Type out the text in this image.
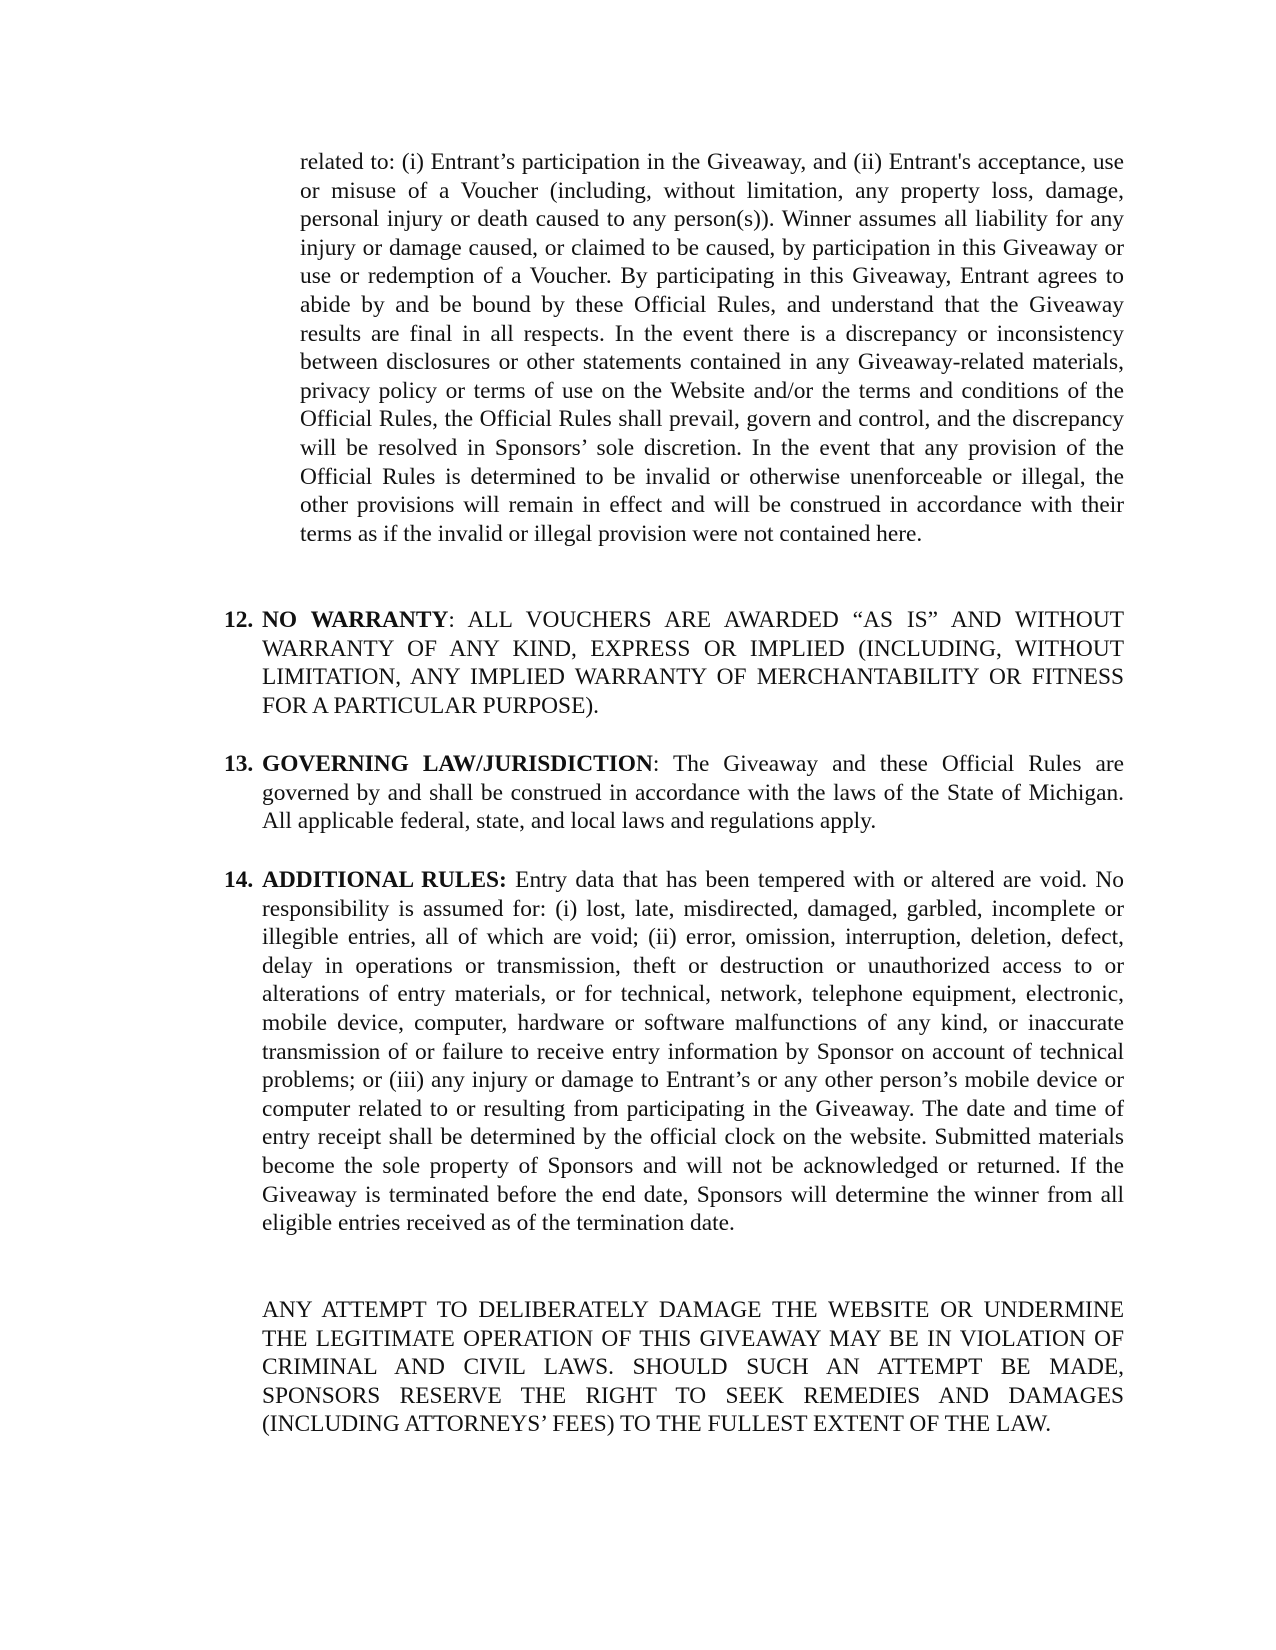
related to: (i) Entrant’s participation in the Giveaway, and (ii) Entrant's acceptance, use or misuse of a Voucher (including, without limitation, any property loss, damage, personal injury or death caused to any person(s)). Winner assumes all liability for any injury or damage caused, or claimed to be caused, by participation in this Giveaway or use or redemption of a Voucher. By participating in this Giveaway, Entrant agrees to abide by and be bound by these Official Rules, and understand that the Giveaway results are final in all respects. In the event there is a discrepancy or inconsistency between disclosures or other statements contained in any Giveaway-related materials, privacy policy or terms of use on the Website and/or the terms and conditions of the Official Rules, the Official Rules shall prevail, govern and control, and the discrepancy will be resolved in Sponsors’ sole discretion. In the event that any provision of the Official Rules is determined to be invalid or otherwise unenforceable or illegal, the other provisions will remain in effect and will be construed in accordance with their terms as if the invalid or illegal provision were not contained here.

12. NO WARRANTY: ALL VOUCHERS ARE AWARDED “AS IS” AND WITHOUT WARRANTY OF ANY KIND, EXPRESS OR IMPLIED (INCLUDING, WITHOUT LIMITATION, ANY IMPLIED WARRANTY OF MERCHANTABILITY OR FITNESS FOR A PARTICULAR PURPOSE).

13. GOVERNING LAW/JURISDICTION: The Giveaway and these Official Rules are governed by and shall be construed in accordance with the laws of the State of Michigan. All applicable federal, state, and local laws and regulations apply.

14. ADDITIONAL RULES: Entry data that has been tempered with or altered are void. No responsibility is assumed for: (i) lost, late, misdirected, damaged, garbled, incomplete or illegible entries, all of which are void; (ii) error, omission, interruption, deletion, defect, delay in operations or transmission, theft or destruction or unauthorized access to or alterations of entry materials, or for technical, network, telephone equipment, electronic, mobile device, computer, hardware or software malfunctions of any kind, or inaccurate transmission of or failure to receive entry information by Sponsor on account of technical problems; or (iii) any injury or damage to Entrant’s or any other person’s mobile device or computer related to or resulting from participating in the Giveaway. The date and time of entry receipt shall be determined by the official clock on the website. Submitted materials become the sole property of Sponsors and will not be acknowledged or returned. If the Giveaway is terminated before the end date, Sponsors will determine the winner from all eligible entries received as of the termination date.

ANY ATTEMPT TO DELIBERATELY DAMAGE THE WEBSITE OR UNDERMINE THE LEGITIMATE OPERATION OF THIS GIVEAWAY MAY BE IN VIOLATION OF CRIMINAL AND CIVIL LAWS. SHOULD SUCH AN ATTEMPT BE MADE, SPONSORS RESERVE THE RIGHT TO SEEK REMEDIES AND DAMAGES (INCLUDING ATTORNEYS’ FEES) TO THE FULLEST EXTENT OF THE LAW.
